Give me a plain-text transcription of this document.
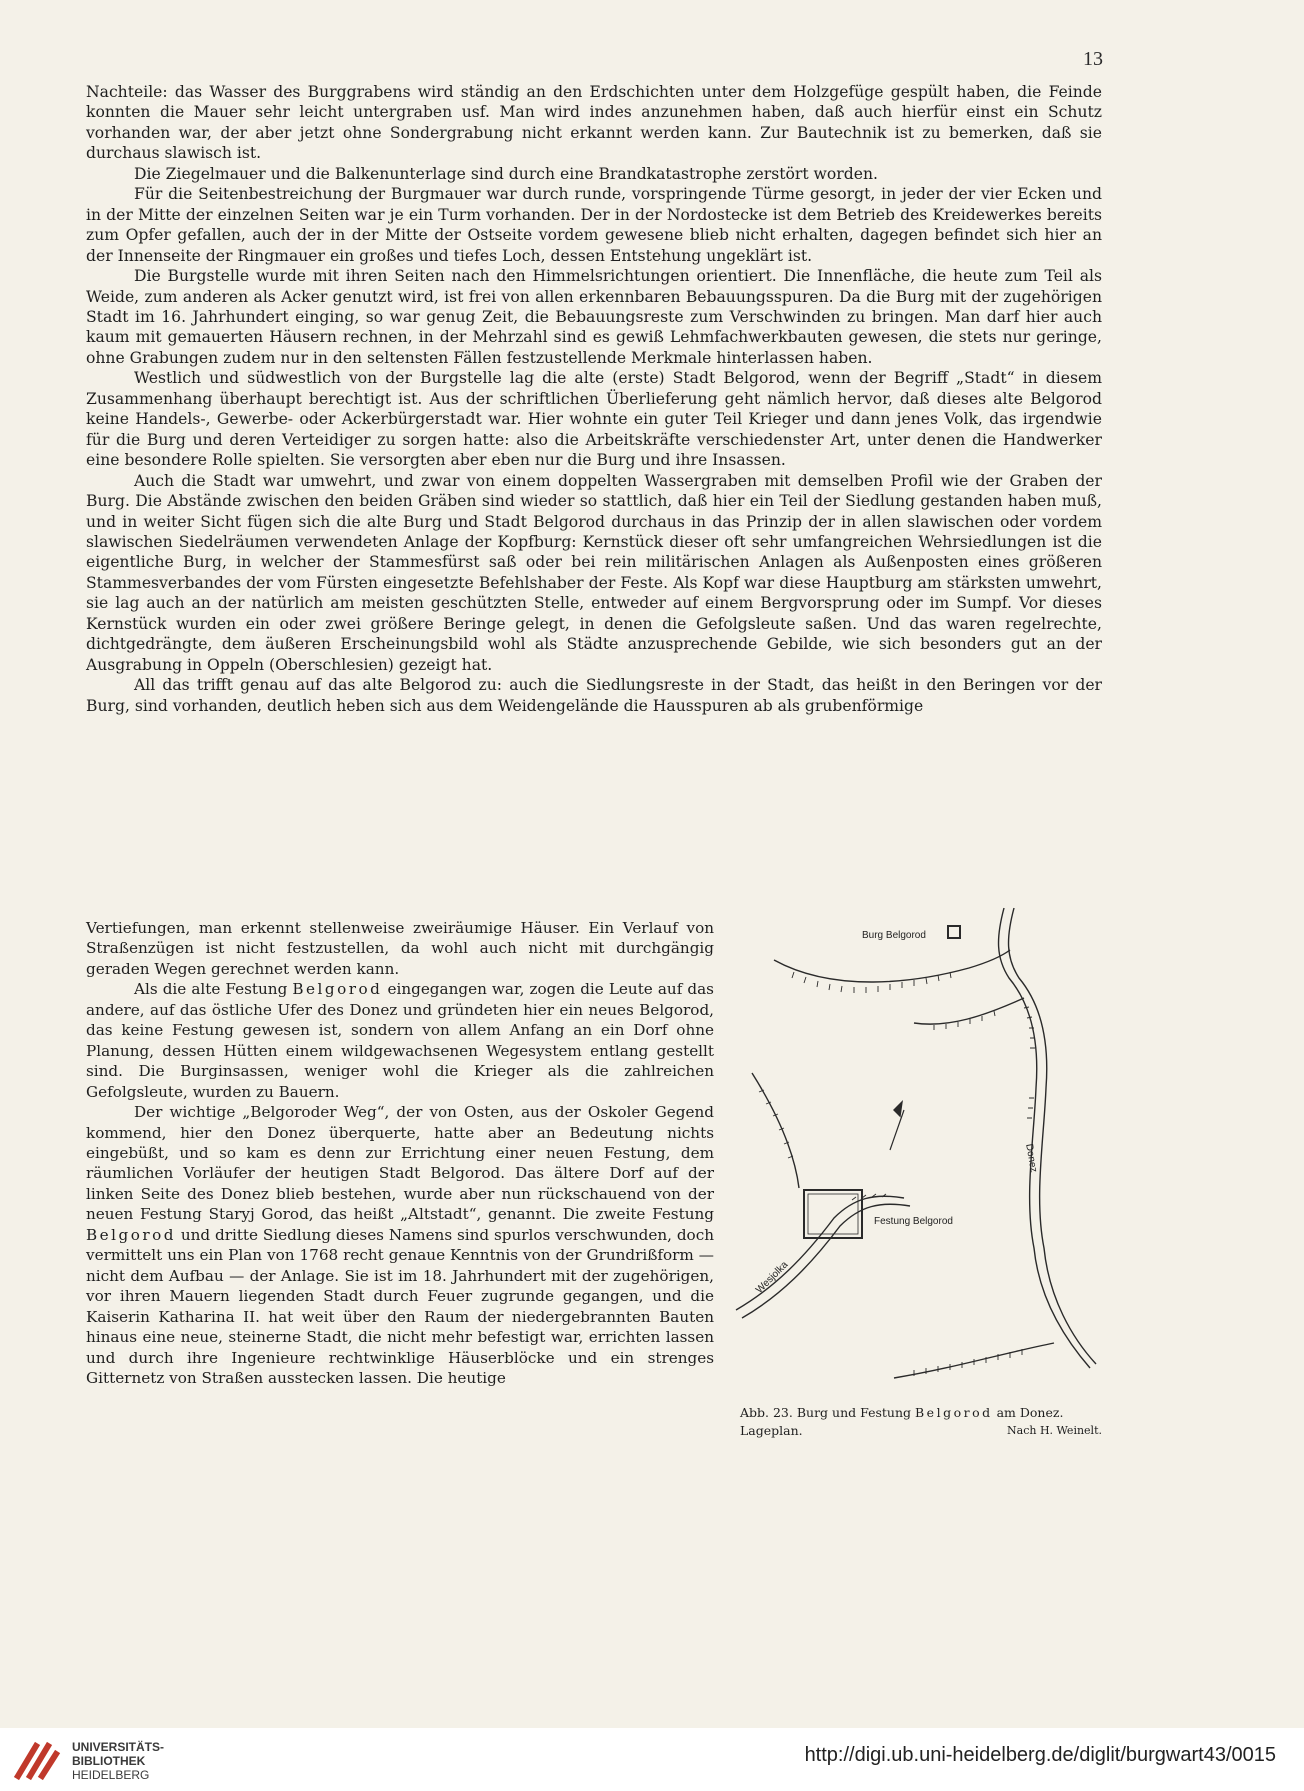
13

Nachteile: das Wasser des Burggrabens wird ständig an den Erdschichten unter dem Holzgefüge gespült haben, die Feinde konnten die Mauer sehr leicht untergraben usf. Man wird indes anzunehmen haben, daß auch hierfür einst ein Schutz vorhanden war, der aber jetzt ohne Sondergrabung nicht erkannt werden kann. Zur Bautechnik ist zu bemerken, daß sie durchaus slawisch ist.

Die Ziegelmauer und die Balkenunterlage sind durch eine Brandkatastrophe zerstört worden.

Für die Seitenbestreichung der Burgmauer war durch runde, vorspringende Türme gesorgt, in jeder der vier Ecken und in der Mitte der einzelnen Seiten war je ein Turm vorhanden. Der in der Nordostecke ist dem Betrieb des Kreidewerkes bereits zum Opfer gefallen, auch der in der Mitte der Ostseite vordem gewesene blieb nicht erhalten, dagegen befindet sich hier an der Innenseite der Ringmauer ein großes und tiefes Loch, dessen Entstehung ungeklärt ist.

Die Burgstelle wurde mit ihren Seiten nach den Himmelsrichtungen orientiert. Die Innenfläche, die heute zum Teil als Weide, zum anderen als Acker genutzt wird, ist frei von allen erkennbaren Bebauungsspuren. Da die Burg mit der zugehörigen Stadt im 16. Jahrhundert einging, so war genug Zeit, die Bebauungsreste zum Verschwinden zu bringen. Man darf hier auch kaum mit gemauerten Häusern rechnen, in der Mehrzahl sind es gewiß Lehmfachwerkbauten gewesen, die stets nur geringe, ohne Grabungen zudem nur in den seltensten Fällen festzustellende Merkmale hinterlassen haben.

Westlich und südwestlich von der Burgstelle lag die alte (erste) Stadt Belgorod, wenn der Begriff „Stadt“ in diesem Zusammenhang überhaupt berechtigt ist. Aus der schriftlichen Überlieferung geht nämlich hervor, daß dieses alte Belgorod keine Handels-, Gewerbe- oder Ackerbürgerstadt war. Hier wohnte ein guter Teil Krieger und dann jenes Volk, das irgendwie für die Burg und deren Verteidiger zu sorgen hatte: also die Arbeitskräfte verschiedenster Art, unter denen die Handwerker eine besondere Rolle spielten. Sie versorgten aber eben nur die Burg und ihre Insassen.

Auch die Stadt war umwehrt, und zwar von einem doppelten Wassergraben mit demselben Profil wie der Graben der Burg. Die Abstände zwischen den beiden Gräben sind wieder so stattlich, daß hier ein Teil der Siedlung gestanden haben muß, und in weiter Sicht fügen sich die alte Burg und Stadt Belgorod durchaus in das Prinzip der in allen slawischen oder vordem slawischen Siedelräumen verwendeten Anlage der Kopfburg: Kernstück dieser oft sehr umfangreichen Wehrsiedlungen ist die eigentliche Burg, in welcher der Stammesfürst saß oder bei rein militärischen Anlagen als Außenposten eines größeren Stammesverbandes der vom Fürsten eingesetzte Befehlshaber der Feste. Als Kopf war diese Hauptburg am stärksten umwehrt, sie lag auch an der natürlich am meisten geschützten Stelle, entweder auf einem Bergvorsprung oder im Sumpf. Vor dieses Kernstück wurden ein oder zwei größere Beringe gelegt, in denen die Gefolgsleute saßen. Und das waren regelrechte, dichtgedrängte, dem äußeren Erscheinungsbild wohl als Städte anzusprechende Gebilde, wie sich besonders gut an der Ausgrabung in Oppeln (Oberschlesien) gezeigt hat.

All das trifft genau auf das alte Belgorod zu: auch die Siedlungsreste in der Stadt, das heißt in den Beringen vor der Burg, sind vorhanden, deutlich heben sich aus dem Weidengelände die Hausspuren ab als grubenförmige

Vertiefungen, man erkennt stellenweise zweiräumige Häuser. Ein Verlauf von Straßenzügen ist nicht festzustellen, da wohl auch nicht mit durchgängig geraden Wegen gerechnet werden kann.

Als die alte Festung Belgorod eingegangen war, zogen die Leute auf das andere, auf das östliche Ufer des Donez und gründeten hier ein neues Belgorod, das keine Festung gewesen ist, sondern von allem Anfang an ein Dorf ohne Planung, dessen Hütten einem wildgewachsenen Wegesystem entlang gestellt sind. Die Burginsassen, weniger wohl die Krieger als die zahlreichen Gefolgsleute, wurden zu Bauern.

Der wichtige „Belgoroder Weg“, der von Osten, aus der Oskoler Gegend kommend, hier den Donez überquerte, hatte aber an Bedeutung nichts eingebüßt, und so kam es denn zur Errichtung einer neuen Festung, dem räumlichen Vorläufer der heutigen Stadt Belgorod. Das ältere Dorf auf der linken Seite des Donez blieb bestehen, wurde aber nun rückschauend von der neuen Festung Staryj Gorod, das heißt „Altstadt“, genannt. Die zweite Festung Belgorod und dritte Siedlung dieses Namens sind spurlos verschwunden, doch vermittelt uns ein Plan von 1768 recht genaue Kenntnis von der Grundrißform — nicht dem Aufbau — der Anlage. Sie ist im 18. Jahrhundert mit der zugehörigen, vor ihren Mauern liegenden Stadt durch Feuer zugrunde gegangen, und die Kaiserin Katharina II. hat weit über den Raum der niedergebrannten Bauten hinaus eine neue, steinerne Stadt, die nicht mehr befestigt war, errichten lassen und durch ihre Ingenieure rechtwinklige Häuserblöcke und ein strenges Gitternetz von Straßen ausstecken lassen. Die heutige

Burg Belgorod
Festung Belgorod
Donez
Wesjolka
Abb. 23. Burg und Festung Belgorod am Donez. Lageplan.	Nach H. Weinelt.
UNIVERSITÄTS-
BIBLIOTHEK
HEIDELBERG
http://digi.ub.uni-heidelberg.de/diglit/burgwart43/0015
